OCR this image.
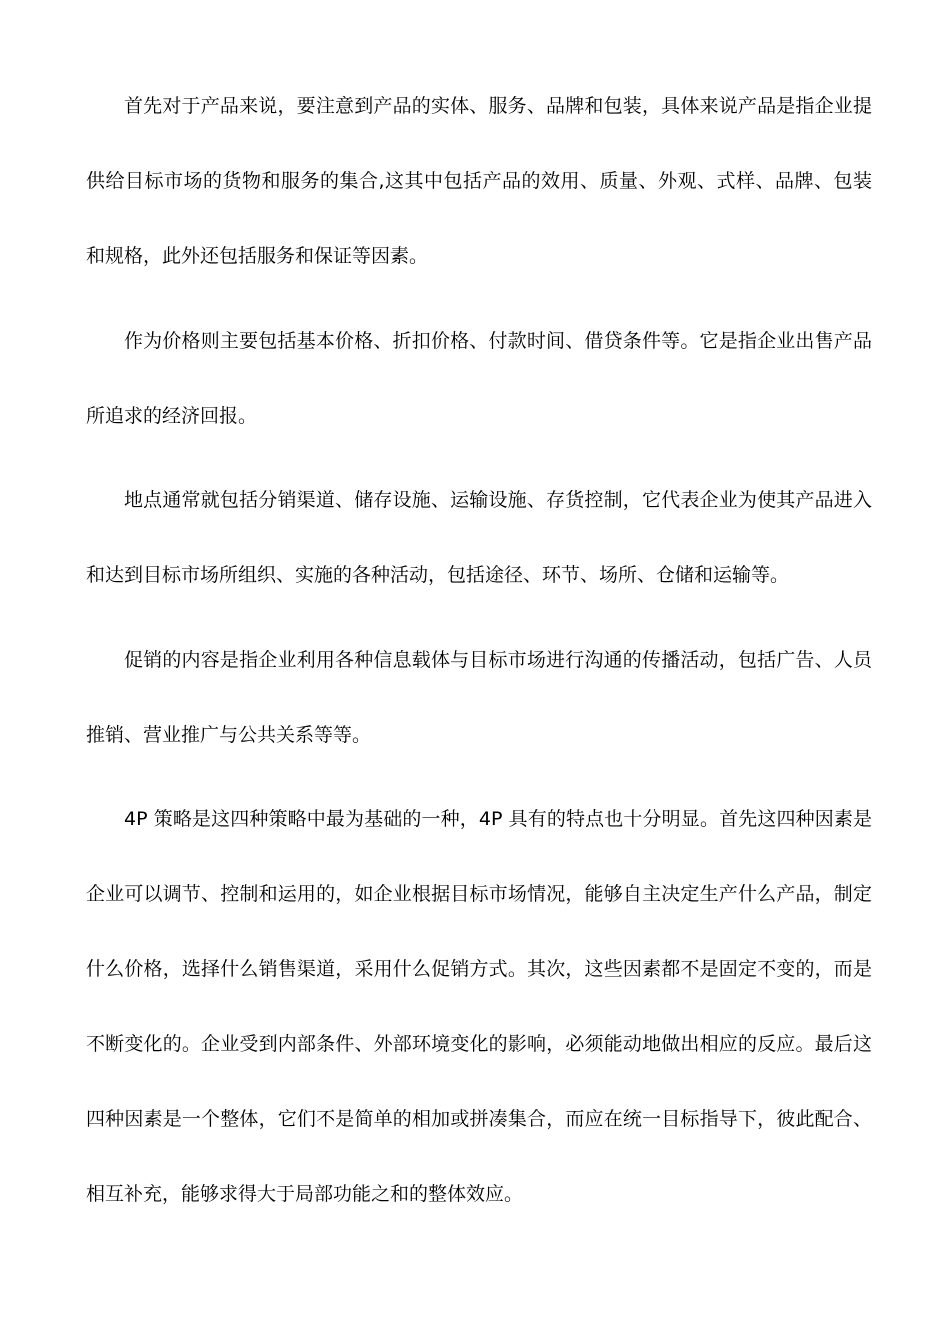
首先对于产品来说，要注意到产品的实体、服务、品牌和包装，具体来说产品是指企业提
供给目标市场的货物和服务的集合,这其中包括产品的效用、质量、外观、式样、品牌、包装
和规格，此外还包括服务和保证等因素。
作为价格则主要包括基本价格、折扣价格、付款时间、借贷条件等。它是指企业出售产品
所追求的经济回报。
地点通常就包括分销渠道、储存设施、运输设施、存货控制，它代表企业为使其产品进入
和达到目标市场所组织、实施的各种活动，包括途径、环节、场所、仓储和运输等。
促销的内容是指企业利用各种信息载体与目标市场进行沟通的传播活动，包括广告、人员
推销、营业推广与公共关系等等。
4P 策略是这四种策略中最为基础的一种，4P 具有的特点也十分明显。首先这四种因素是
企业可以调节、控制和运用的，如企业根据目标市场情况，能够自主决定生产什么产品，制定
什么价格，选择什么销售渠道，采用什么促销方式。其次，这些因素都不是固定不变的，而是
不断变化的。企业受到内部条件、外部环境变化的影响，必须能动地做出相应的反应。最后这
四种因素是一个整体，它们不是简单的相加或拼凑集合，而应在统一目标指导下，彼此配合、
相互补充，能够求得大于局部功能之和的整体效应。
